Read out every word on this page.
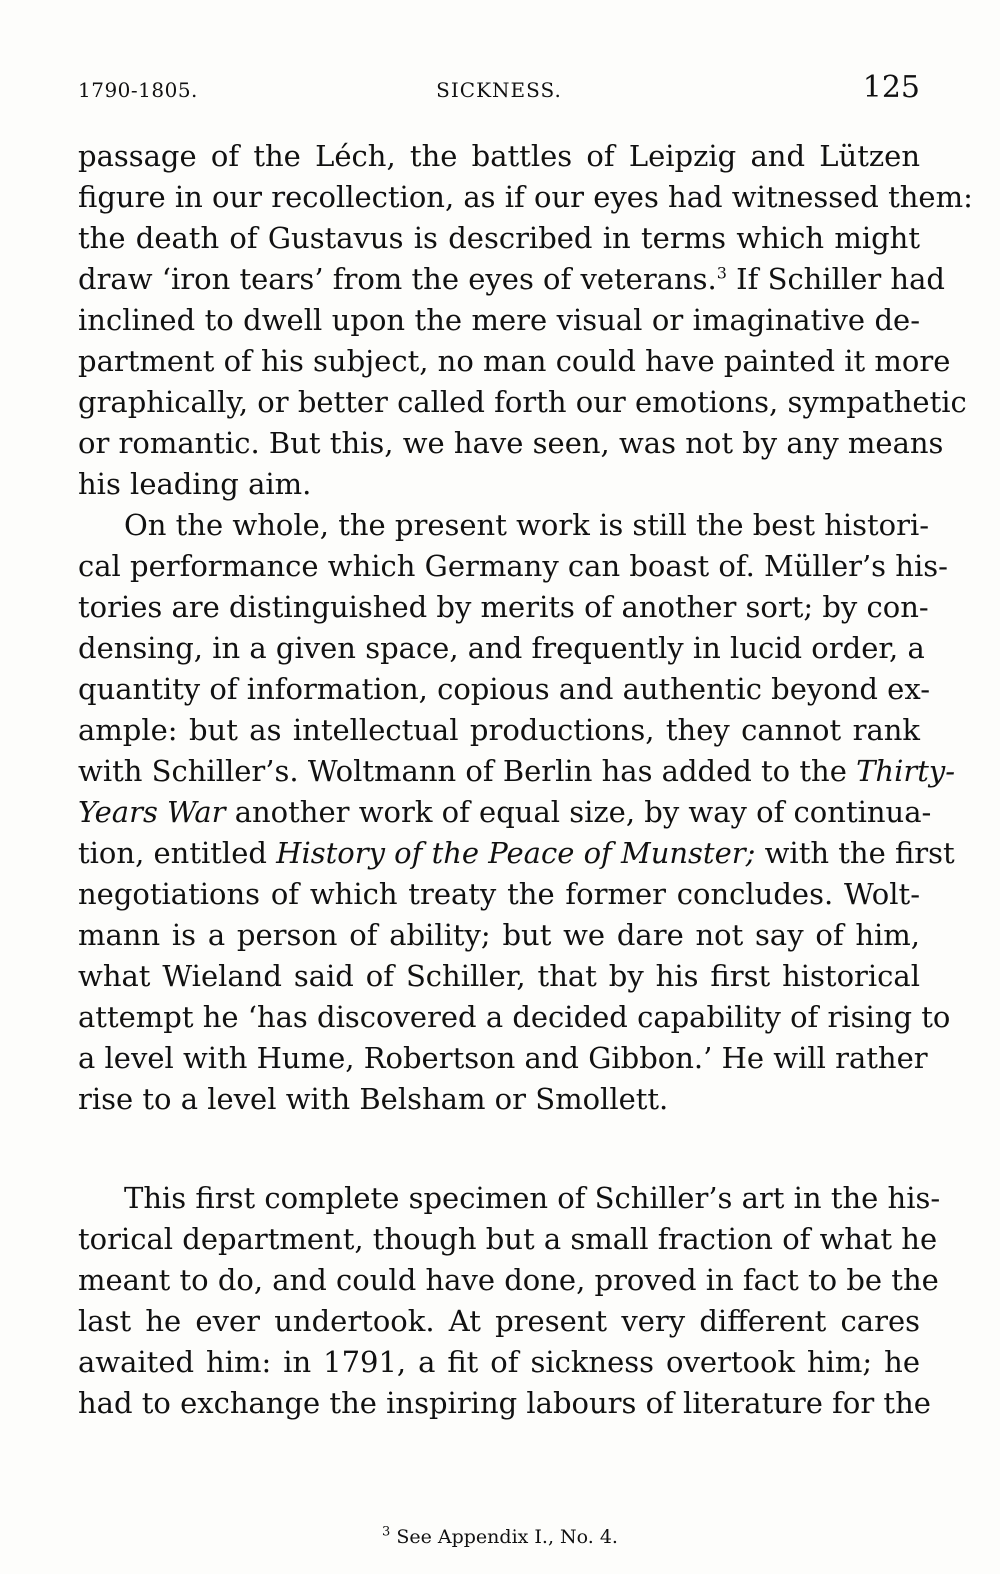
1790-1805.	SICKNESS.	125
passage of the Léch, the battles of Leipzig and Lützen
figure in our recollection, as if our eyes had witnessed them:
the death of Gustavus is described in terms which might
draw ‘iron tears’ from the eyes of veterans.$^3$ If Schiller had
inclined to dwell upon the mere visual or imaginative de-
partment of his subject, no man could have painted it more
graphically, or better called forth our emotions, sympathetic
or romantic. But this, we have seen, was not by any means
his leading aim.
On the whole, the present work is still the best histori-
cal performance which Germany can boast of. Müller’s his-
tories are distinguished by merits of another sort; by con-
densing, in a given space, and frequently in lucid order, a
quantity of information, copious and authentic beyond ex-
ample: but as intellectual productions, they cannot rank
with Schiller’s. Woltmann of Berlin has added to the Thirty-
Years War another work of equal size, by way of continua-
tion, entitled History of the Peace of Munster; with the first
negotiations of which treaty the former concludes. Wolt-
mann is a person of ability; but we dare not say of him,
what Wieland said of Schiller, that by his first historical
attempt he ‘has discovered a decided capability of rising to
a level with Hume, Robertson and Gibbon.’ He will rather
rise to a level with Belsham or Smollett.
This first complete specimen of Schiller’s art in the his-
torical department, though but a small fraction of what he
meant to do, and could have done, proved in fact to be the
last he ever undertook. At present very different cares
awaited him: in 1791, a fit of sickness overtook him; he
had to exchange the inspiring labours of literature for the
$^3$ See Appendix I., No. 4.
